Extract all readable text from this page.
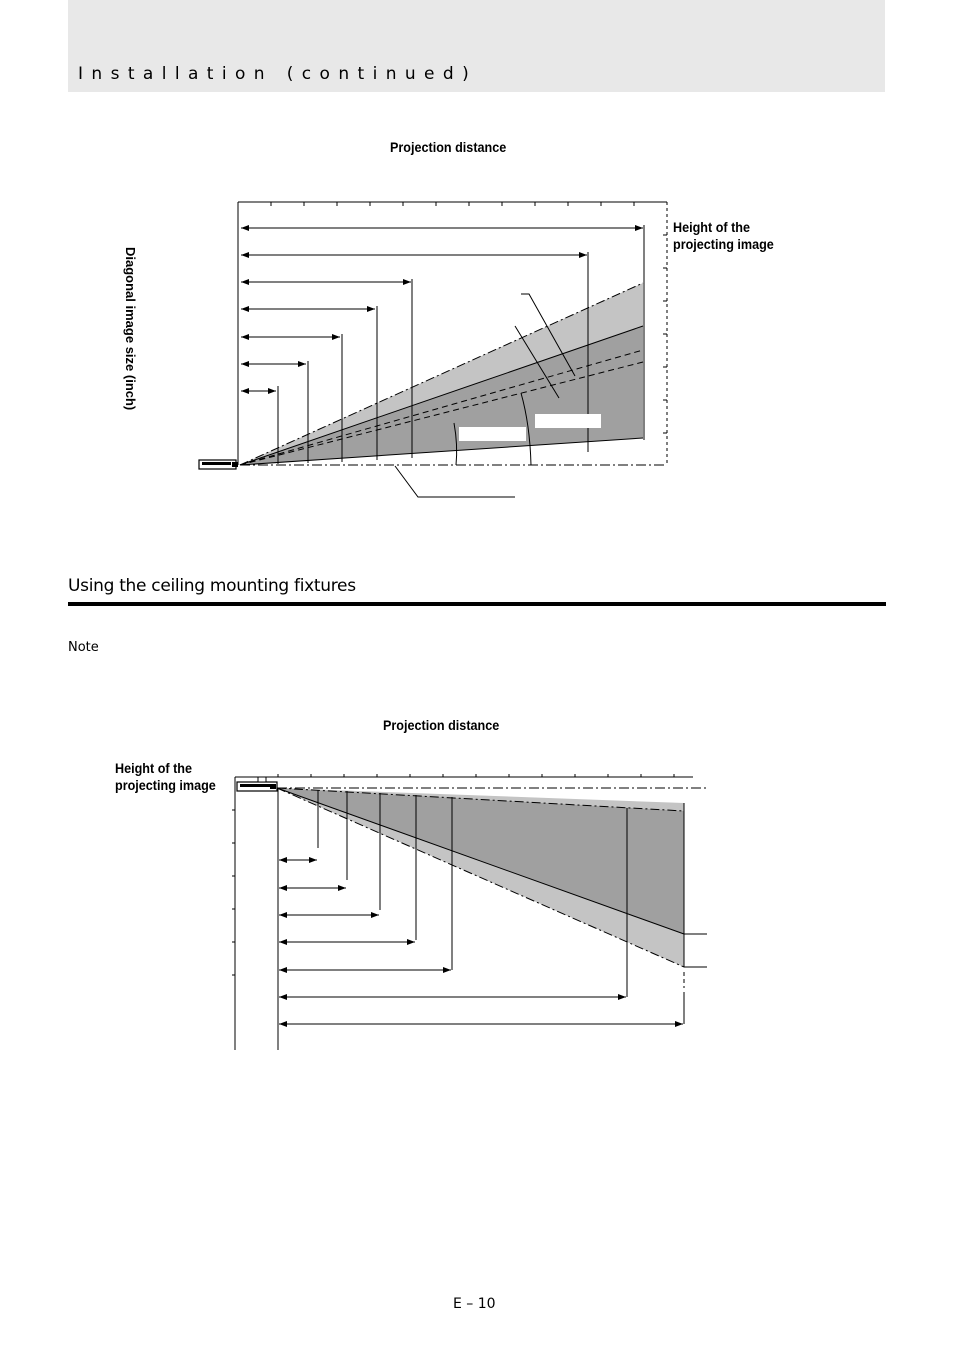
Installation (continued)
Projection distance
Height of the
projecting image
Diagonal image size (inch)
Using the ceiling mounting fixtures
Note
Projection distance
Height of the
projecting image
E – 10
